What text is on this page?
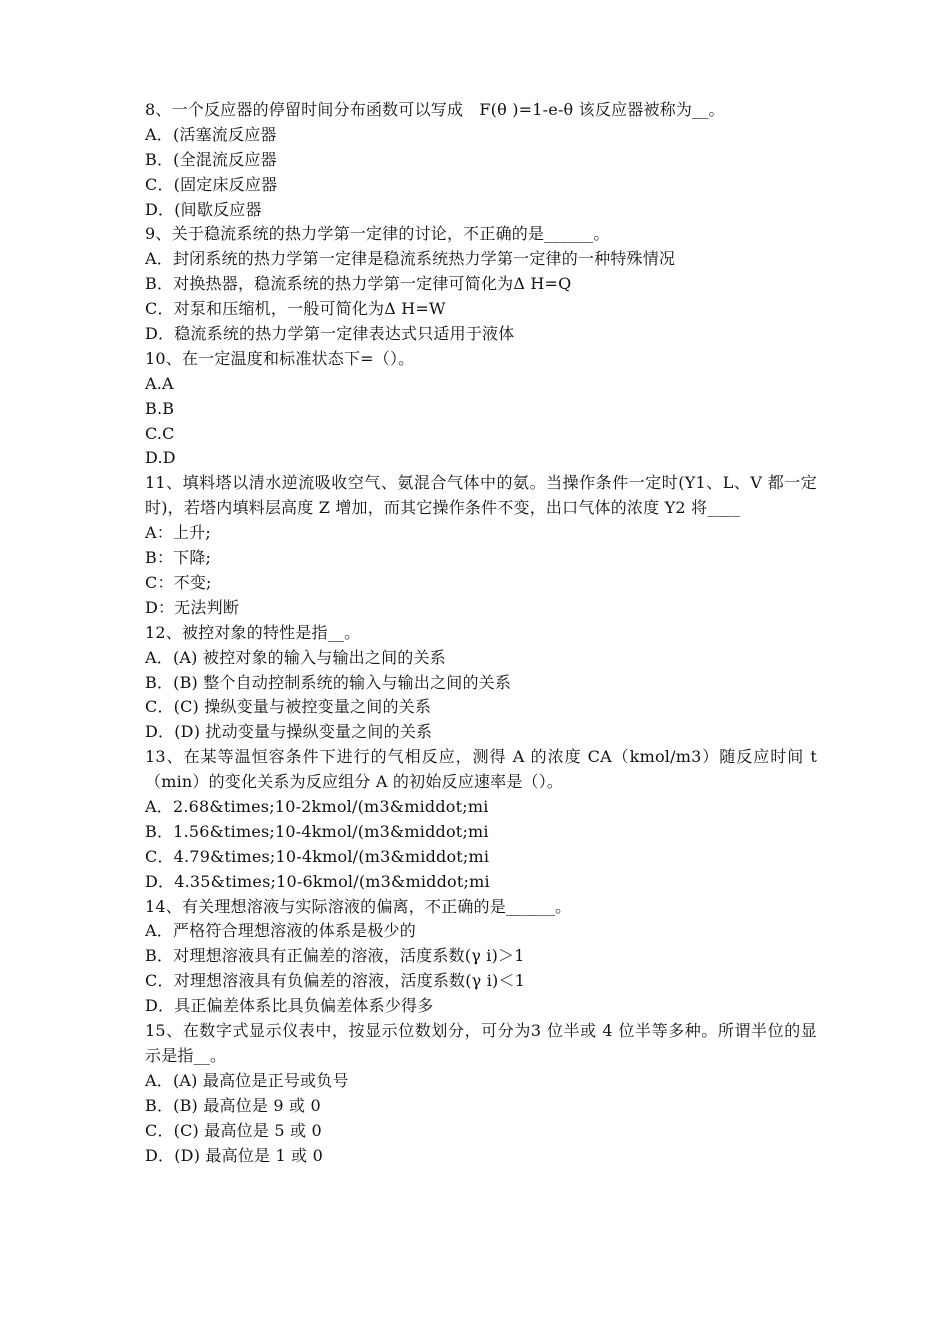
8、一个反应器的停留时间分布函数可以写成　F(θ )=1-e-θ 该反应器被称为__。
A．(活塞流反应器
B．(全混流反应器
C．(固定床反应器
D．(间歇反应器
9、关于稳流系统的热力学第一定律的讨论，不正确的是______。
A．封闭系统的热力学第一定律是稳流系统热力学第一定律的一种特殊情况
B．对换热器，稳流系统的热力学第一定律可简化为Δ H=Q
C．对泵和压缩机，一般可简化为Δ H=W
D．稳流系统的热力学第一定律表达式只适用于液体
10、在一定温度和标准状态下=（）。
A.A
B.B
C.C
D.D
11、填料塔以清水逆流吸收空气、氨混合气体中的氨。当操作条件一定时(Y1、L、V 都一定时)，若塔内填料层高度 Z 增加，而其它操作条件不变，出口气体的浓度 Y2 将____
A：上升;
B：下降;
C：不变;
D：无法判断
12、被控对象的特性是指__。
A．(A) 被控对象的输入与输出之间的关系
B．(B) 整个自动控制系统的输入与输出之间的关系
C．(C) 操纵变量与被控变量之间的关系
D．(D) 扰动变量与操纵变量之间的关系
13、在某等温恒容条件下进行的气相反应，测得 A 的浓度 CA（kmol/m3）随反应时间 t（min）的变化关系为反应组分 A 的初始反应速率是（）。
A．2.68&times;10-2kmol/(m3&middot;mi
B．1.56&times;10-4kmol/(m3&middot;mi
C．4.79&times;10-4kmol/(m3&middot;mi
D．4.35&times;10-6kmol/(m3&middot;mi
14、有关理想溶液与实际溶液的偏离，不正确的是______。
A．严格符合理想溶液的体系是极少的
B．对理想溶液具有正偏差的溶液，活度系数(γ i)＞1
C．对理想溶液具有负偏差的溶液，活度系数(γ i)＜1
D．具正偏差体系比具负偏差体系少得多
15、在数字式显示仪表中，按显示位数划分，可分为3 位半或 4 位半等多种。所谓半位的显示是指__。
A．(A) 最高位是正号或负号
B．(B) 最高位是 9 或 0
C．(C) 最高位是 5 或 0
D．(D) 最高位是 1 或 0
